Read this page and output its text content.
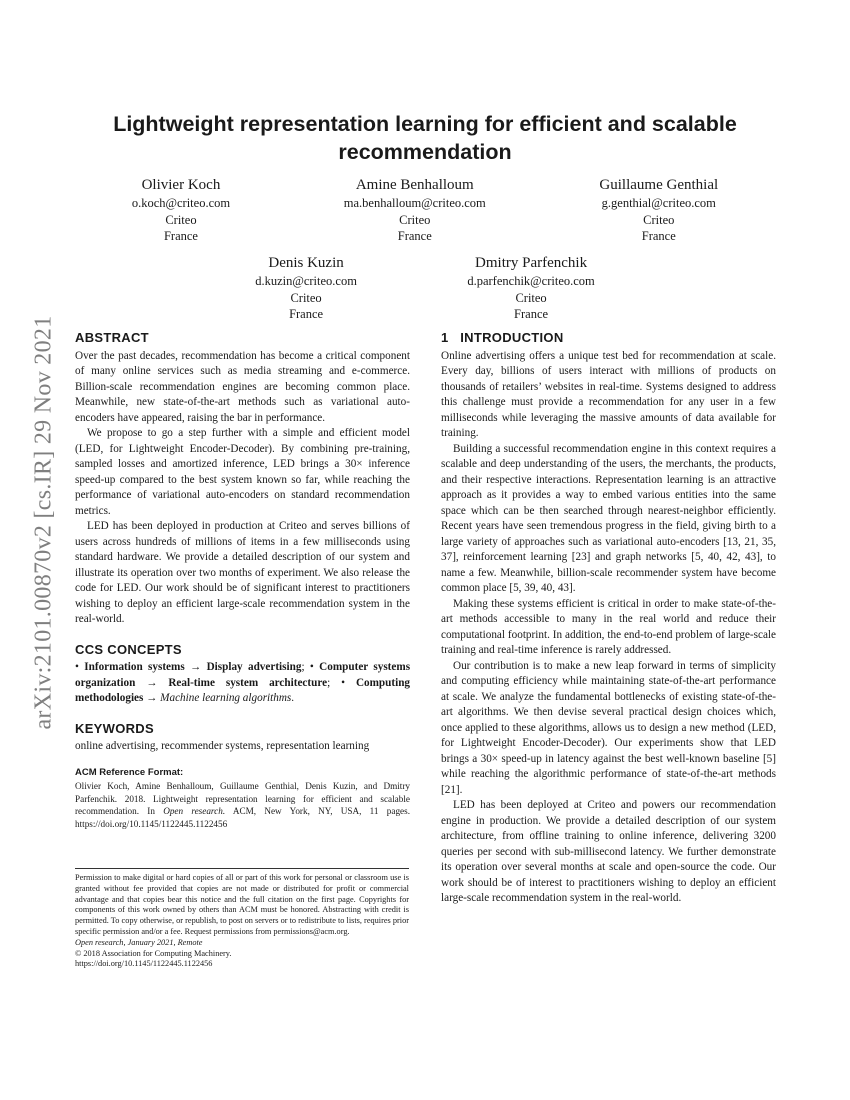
Lightweight representation learning for efficient and scalable recommendation
arXiv:2101.00870v2 [cs.IR] 29 Nov 2021
Olivier Koch
o.koch@criteo.com
Criteo
France
Amine Benhalloum
ma.benhalloum@criteo.com
Criteo
France
Guillaume Genthial
g.genthial@criteo.com
Criteo
France
Denis Kuzin
d.kuzin@criteo.com
Criteo
France
Dmitry Parfenchik
d.parfenchik@criteo.com
Criteo
France
ABSTRACT

Over the past decades, recommendation has become a critical component of many online services such as media streaming and e-commerce. Billion-scale recommendation engines are becoming common place. Meanwhile, new state-of-the-art methods such as variational auto-encoders have appeared, raising the bar in performance.

We propose to go a step further with a simple and efficient model (LED, for Lightweight Encoder-Decoder). By combining pre-training, sampled losses and amortized inference, LED brings a 30× inference speed-up compared to the best system known so far, while reaching the performance of variational auto-encoders on standard recommendation metrics.

LED has been deployed in production at Criteo and serves billions of users across hundreds of millions of items in a few milliseconds using standard hardware. We provide a detailed description of our system and illustrate its operation over two months of experiment. We also release the code for LED. Our work should be of significant interest to practitioners wishing to deploy an efficient large-scale recommendation system in the real-world.

CCS CONCEPTS

• Information systems → Display advertising; • Computer systems organization → Real-time system architecture; • Computing methodologies → Machine learning algorithms.

KEYWORDS

online advertising, recommender systems, representation learning

ACM Reference Format:

Olivier Koch, Amine Benhalloum, Guillaume Genthial, Denis Kuzin, and Dmitry Parfenchik. 2018. Lightweight representation learning for efficient and scalable recommendation. In Open research. ACM, New York, NY, USA, 11 pages. https://doi.org/10.1145/1122445.1122456

Permission to make digital or hard copies of all or part of this work for personal or classroom use is granted without fee provided that copies are not made or distributed for profit or commercial advantage and that copies bear this notice and the full citation on the first page. Copyrights for components of this work owned by others than ACM must be honored. Abstracting with credit is permitted. To copy otherwise, or republish, to post on servers or to redistribute to lists, requires prior specific permission and/or a fee. Request permissions from permissions@acm.org.

Open research, January 2021, Remote

© 2018 Association for Computing Machinery.

https://doi.org/10.1145/1122445.1122456

1   INTRODUCTION

Online advertising offers a unique test bed for recommendation at scale. Every day, billions of users interact with millions of products on thousands of retailers’ websites in real-time. Systems designed to address this challenge must provide a recommendation for any user in a few milliseconds while leveraging the massive amounts of data available for training.

Building a successful recommendation engine in this context requires a scalable and deep understanding of the users, the merchants, the products, and their respective interactions. Representation learning is an attractive approach as it provides a way to embed various entities into the same space which can be then searched through nearest-neighbor efficiently. Recent years have seen tremendous progress in the field, giving birth to a large variety of approaches such as variational auto-encoders [13, 21, 35, 37], reinforcement learning [23] and graph networks [5, 40, 42, 43], to name a few. Meanwhile, billion-scale recommender system have become common place [5, 39, 40, 43].

Making these systems efficient is critical in order to make state-of-the-art methods accessible to many in the real world and reduce their computational footprint. In addition, the end-to-end problem of large-scale training and real-time inference is rarely addressed.

Our contribution is to make a new leap forward in terms of simplicity and computing efficiency while maintaining state-of-the-art performance at scale. We analyze the fundamental bottlenecks of existing state-of-the-art algorithms. We then devise several practical design choices which, once applied to these algorithms, allows us to design a new method (LED, for Lightweight Encoder-Decoder). Our experiments show that LED brings a 30× speed-up in latency against the best well-known baseline [5] while reaching the algorithmic performance of state-of-the-art methods [21].

LED has been deployed at Criteo and powers our recommendation engine in production. We provide a detailed description of our system architecture, from offline training to online inference, delivering 3200 queries per second with sub-millisecond latency. We further demonstrate its operation over several months at scale and open-source the code. Our work should be of interest to practitioners wishing to deploy an efficient large-scale recommendation system in the real-world.
